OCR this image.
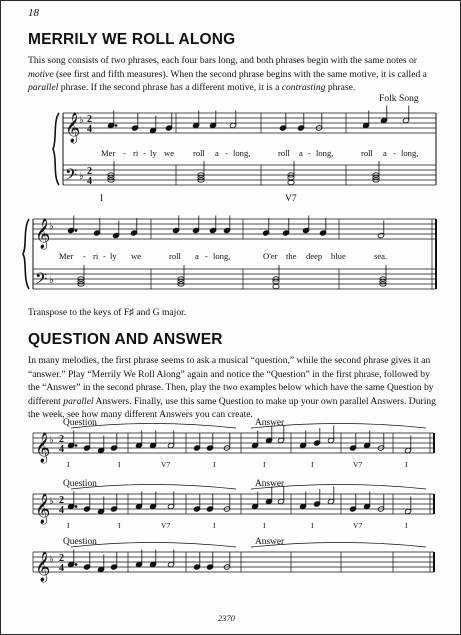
18
MERRILY WE ROLL ALONG
This song consists of two phrases, each four bars long, and both phrases begin with the same notes or
motive (see first and fifth measures). When the second phrase begins with the same motive, it is called a
parallel phrase. If the second phrase has a different motive, it is a contrasting phrase.
Folk Song
𝄞
𝄢
𝄞
𝄢
𝄞
𝄞
𝄞
♭
♭
♭
♭
♭
♭
♭
2
4
2
4
2
4
2
4
2
4
Mer - ri - ly we roll a - long,	roll a - long,	roll a - long,
I	V7
Mer - ri - ly we	roll a - long,	O'er the deep blue	sea.
Transpose to the keys of F♯ and G major.
QUESTION AND ANSWER
In many melodies, the first phrase seems to ask a musical “question,” while the second phrase gives it an
“answer.” Play “Merrily We Roll Along” again and notice the “Question” in the first phrase, followed by
the “Answer” in the second phrase. Then, play the two examples below which have the same Question by
different parallel Answers. Finally, use this same Question to make up your own parallel Answers. During
the week, see how many different Answers you can create.
Question	Answer
Question	Answer
Question	Answer
I	I	V7	I	I	I	V7	I
I	I	V7	I	I	I	V7	I
2370
